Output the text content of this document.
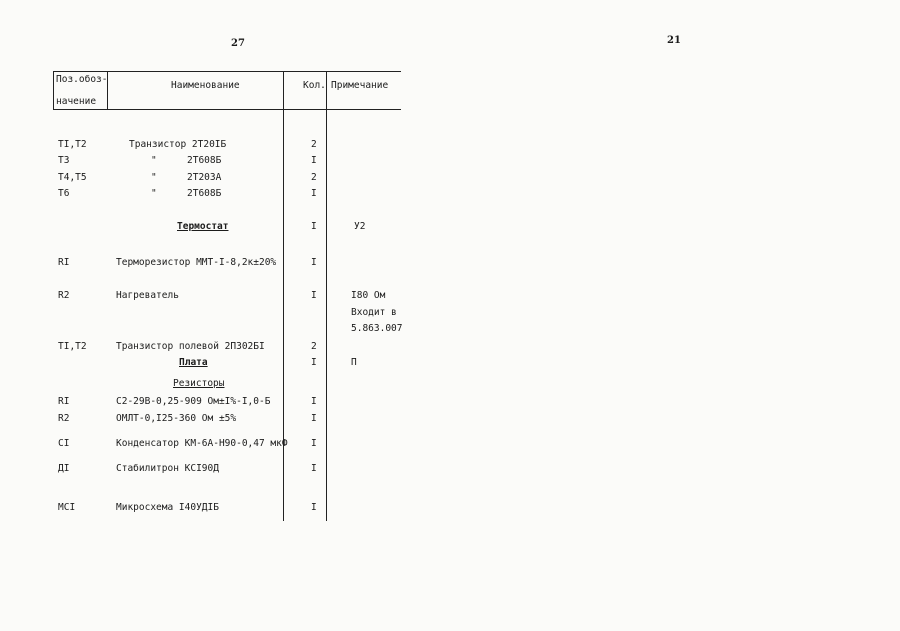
27	21
Поз.обоз-
начение
Наименование	Кол. Примечание
TI,T2	Транзистор 2Т20IБ	2
Т3	"	2Т608Б	I
Т4,Т5	"	2Т203А	2
Т6	"	2Т608Б	I
Термостат	I	У2
RI	Терморезистор ММТ-I-8,2к±20%	I
R2	Нагреватель	I	I80 Ом
Входит в
5.863.007
TI,T2	Транзистор полевой 2П302БI	2
Плата	I	П
Резисторы
RI	С2-29В-0,25-909 Ом±I%-I,0-Б	I
R2	ОМЛТ-0,I25-360 Ом ±5%	I
СI	Конденсатор КМ-6А-Н90-0,47 мкФ I
ДI	Стабилитрон КСI90Д	I
МСI	Микросхема I40УДIБ	I
